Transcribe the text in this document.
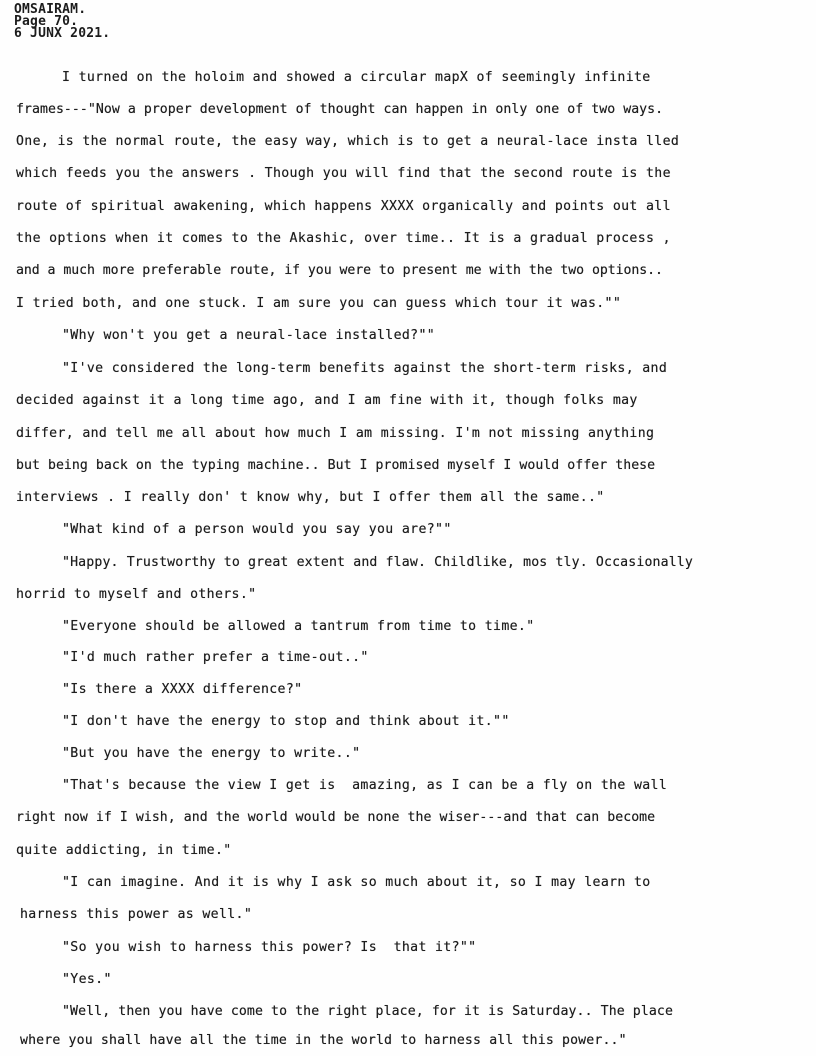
OMSAIRAM.
Page 70.
6 JUNX 2021.
I turned on the holoim and showed a circular mapX of seemingly infinite
frames---"Now a proper development of thought can happen in only one of two ways.
One, is the normal route, the easy way, which is to get a neural-lace insta lled
which feeds you the answers . Though you will find that the second route is the
route of spiritual awakening, which happens XXXX organically and points out all
the options when it comes to the Akashic, over time.. It is a gradual process ,
and a much more preferable route, if you were to present me with the two options..
I tried both, and one stuck. I am sure you can guess which tour it was.""
"Why won't you get a neural-lace installed?""
"I've considered the long-term benefits against the short-term risks, and
decided against it a long time ago, and I am fine with it, though folks may
differ, and tell me all about how much I am missing. I'm not missing anything
but being back on the typing machine.. But I promised myself I would offer these
interviews . I really don' t know why, but I offer them all the same.."
"What kind of a person would you say you are?""
"Happy. Trustworthy to great extent and flaw. Childlike, mos tly. Occasionally
horrid to myself and others."
"Everyone should be allowed a tantrum from time to time."
"I'd much rather prefer a time-out.."
"Is there a XXXX difference?"
"I don't have the energy to stop and think about it.""
"But you have the energy to write.."
"That's because the view I get is  amazing, as I can be a fly on the wall
right now if I wish, and the world would be none the wiser---and that can become
quite addicting, in time."
"I can imagine. And it is why I ask so much about it, so I may learn to
harness this power as well."
"So you wish to harness this power? Is  that it?""
"Yes."
"Well, then you have come to the right place, for it is Saturday.. The place
where you shall have all the time in the world to harness all this power.."
